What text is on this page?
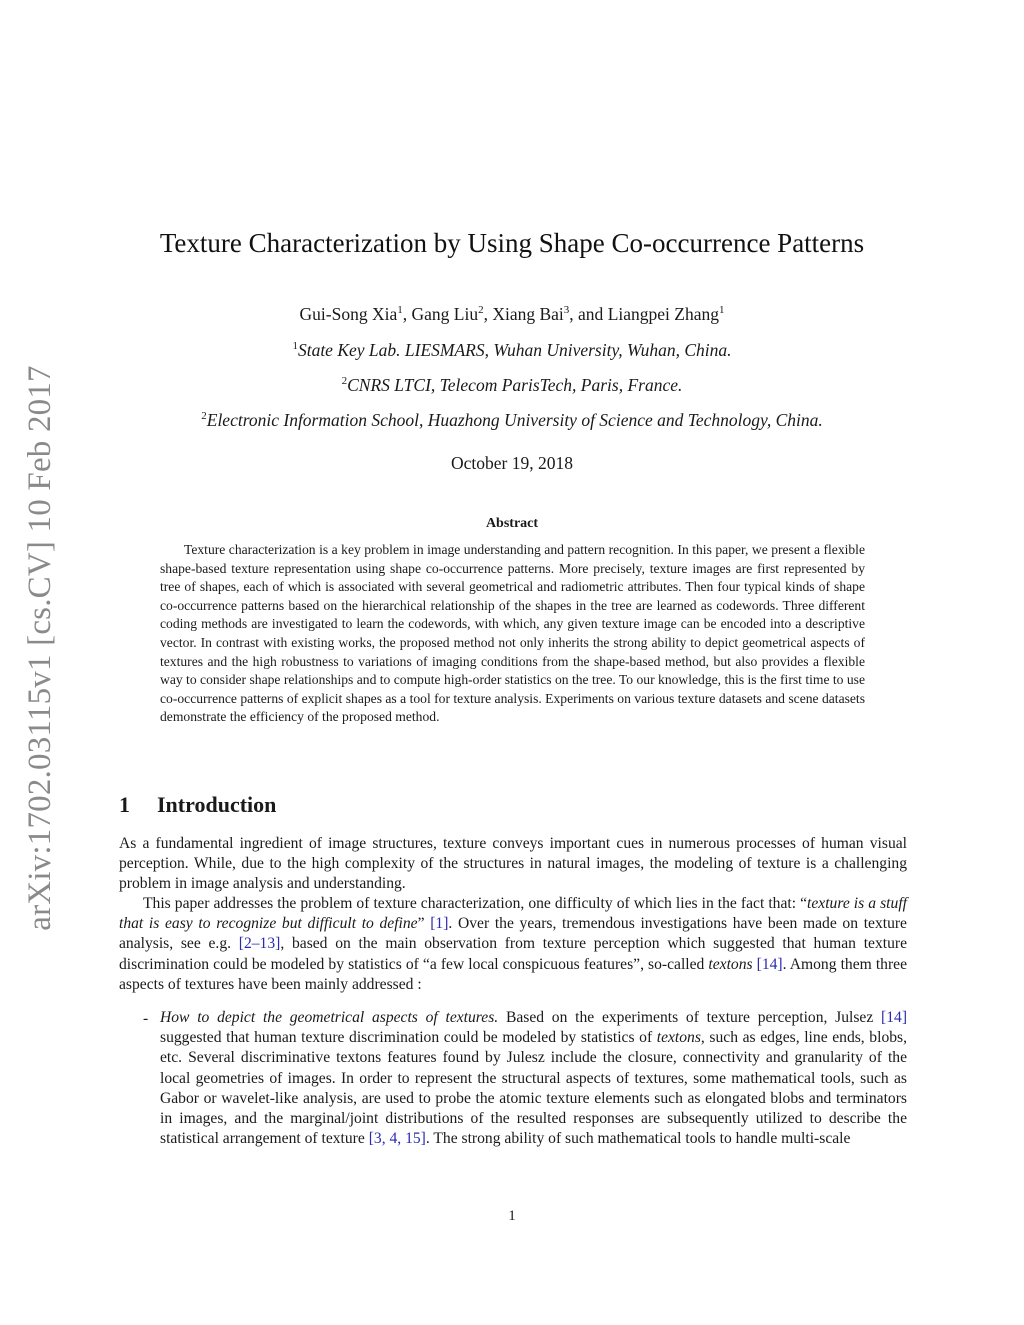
arXiv:1702.03115v1 [cs.CV] 10 Feb 2017
Texture Characterization by Using Shape Co-occurrence Patterns
Gui-Song Xia$^1$, Gang Liu$^2$, Xiang Bai$^3$, and Liangpei Zhang$^1$
$^1$State Key Lab. LIESMARS, Wuhan University, Wuhan, China.
$^2$CNRS LTCI, Telecom ParisTech, Paris, France.
$^2$Electronic Information School, Huazhong University of Science and Technology, China.
October 19, 2018
Abstract

Texture characterization is a key problem in image understanding and pattern recognition. In this paper, we present a flexible shape-based texture representation using shape co-occurrence patterns. More precisely, texture images are first represented by tree of shapes, each of which is associated with several geometrical and radiometric attributes. Then four typical kinds of shape co-occurrence patterns based on the hierarchical relationship of the shapes in the tree are learned as codewords. Three different coding methods are investigated to learn the codewords, with which, any given texture image can be encoded into a descriptive vector. In contrast with existing works, the proposed method not only inherits the strong ability to depict geometrical aspects of textures and the high robustness to variations of imaging conditions from the shape-based method, but also provides a flexible way to consider shape relationships and to compute high-order statistics on the tree. To our knowledge, this is the first time to use co-occurrence patterns of explicit shapes as a tool for texture analysis. Experiments on various texture datasets and scene datasets demonstrate the efficiency of the proposed method.

1 Introduction

As a fundamental ingredient of image structures, texture conveys important cues in numerous processes of human visual perception. While, due to the high complexity of the structures in natural images, the modeling of texture is a challenging problem in image analysis and understanding.

This paper addresses the problem of texture characterization, one difficulty of which lies in the fact that: “texture is a stuff that is easy to recognize but difficult to define” [1]. Over the years, tremendous investigations have been made on texture analysis, see e.g. [2–13], based on the main observation from texture perception which suggested that human texture discrimination could be modeled by statistics of “a few local conspicuous features”, so-called textons [14]. Among them three aspects of textures have been mainly addressed :

- How to depict the geometrical aspects of textures. Based on the experiments of texture perception, Julsez [14] suggested that human texture discrimination could be modeled by statistics of textons, such as edges, line ends, blobs, etc. Several discriminative textons features found by Julesz include the closure, connectivity and granularity of the local geometries of images. In order to represent the structural aspects of textures, some mathematical tools, such as Gabor or wavelet-like analysis, are used to probe the atomic texture elements such as elongated blobs and terminators in images, and the marginal/joint distributions of the resulted responses are subsequently utilized to describe the statistical arrangement of texture [3, 4, 15]. The strong ability of such mathematical tools to handle multi-scale

1
